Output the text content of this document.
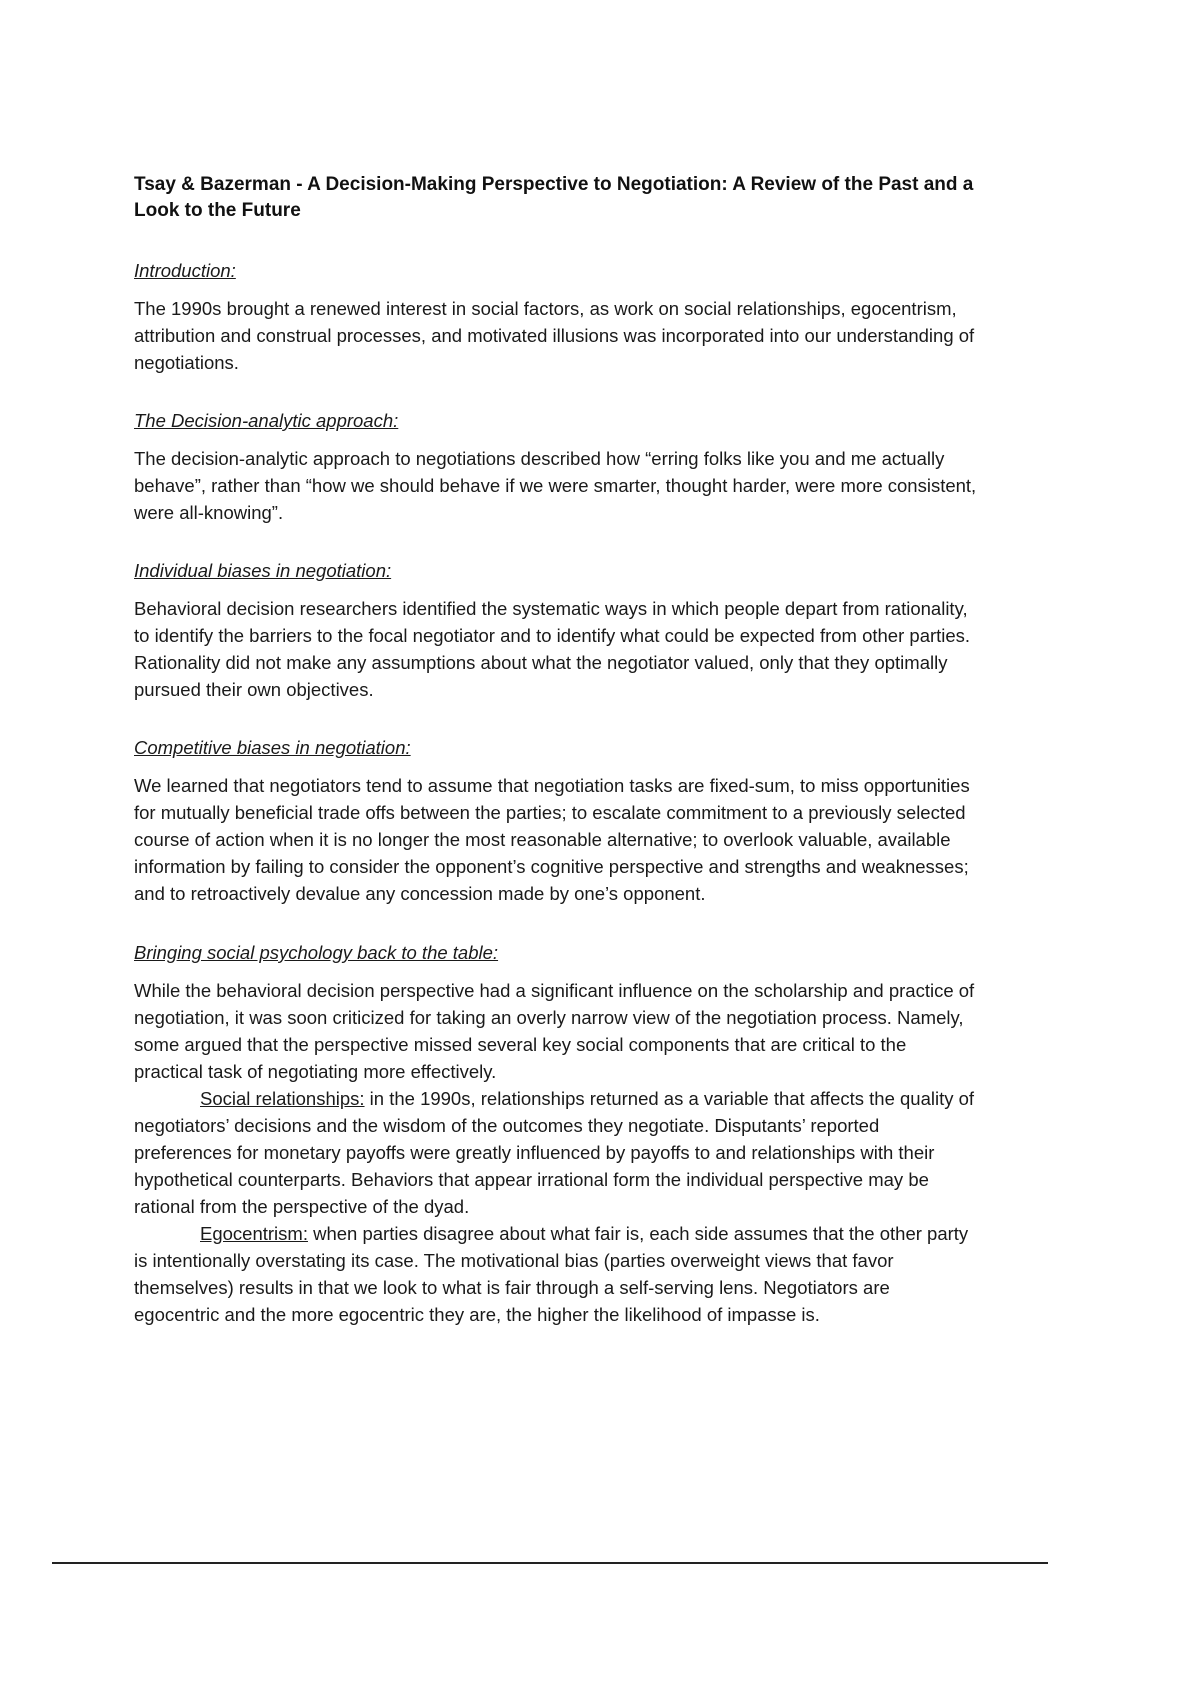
Tsay & Bazerman - A Decision-Making Perspective to Negotiation: A Review of the Past and a Look to the Future
Introduction:

The 1990s brought a renewed interest in social factors, as work on social relationships, egocentrism, attribution and construal processes, and motivated illusions was incorporated into our understanding of negotiations.

The Decision-analytic approach:

The decision-analytic approach to negotiations described how “erring folks like you and me actually behave”, rather than “how we should behave if we were smarter, thought harder, were more consistent, were all-knowing”.

Individual biases in negotiation:

Behavioral decision researchers identified the systematic ways in which people depart from rationality, to identify the barriers to the focal negotiator and to identify what could be expected from other parties. Rationality did not make any assumptions about what the negotiator valued, only that they optimally pursued their own objectives.

Competitive biases in negotiation:

We learned that negotiators tend to assume that negotiation tasks are fixed-sum, to miss opportunities for mutually beneficial trade offs between the parties; to escalate commitment to a previously selected course of action when it is no longer the most reasonable alternative; to overlook valuable, available information by failing to consider the opponent’s cognitive perspective and strengths and weaknesses; and to retroactively devalue any concession made by one’s opponent.

Bringing social psychology back to the table:

While the behavioral decision perspective had a significant influence on the scholarship and practice of negotiation, it was soon criticized for taking an overly narrow view of the negotiation process. Namely, some argued that the perspective missed several key social components that are critical to the practical task of negotiating more effectively.

Social relationships: in the 1990s, relationships returned as a variable that affects the quality of negotiators’ decisions and the wisdom of the outcomes they negotiate. Disputants’ reported preferences for monetary payoffs were greatly influenced by payoffs to and relationships with their hypothetical counterparts. Behaviors that appear irrational form the individual perspective may be rational from the perspective of the dyad.

Egocentrism: when parties disagree about what fair is, each side assumes that the other party is intentionally overstating its case. The motivational bias (parties overweight views that favor themselves) results in that we look to what is fair through a self-serving lens. Negotiators are egocentric and the more egocentric they are, the higher the likelihood of impasse is.
